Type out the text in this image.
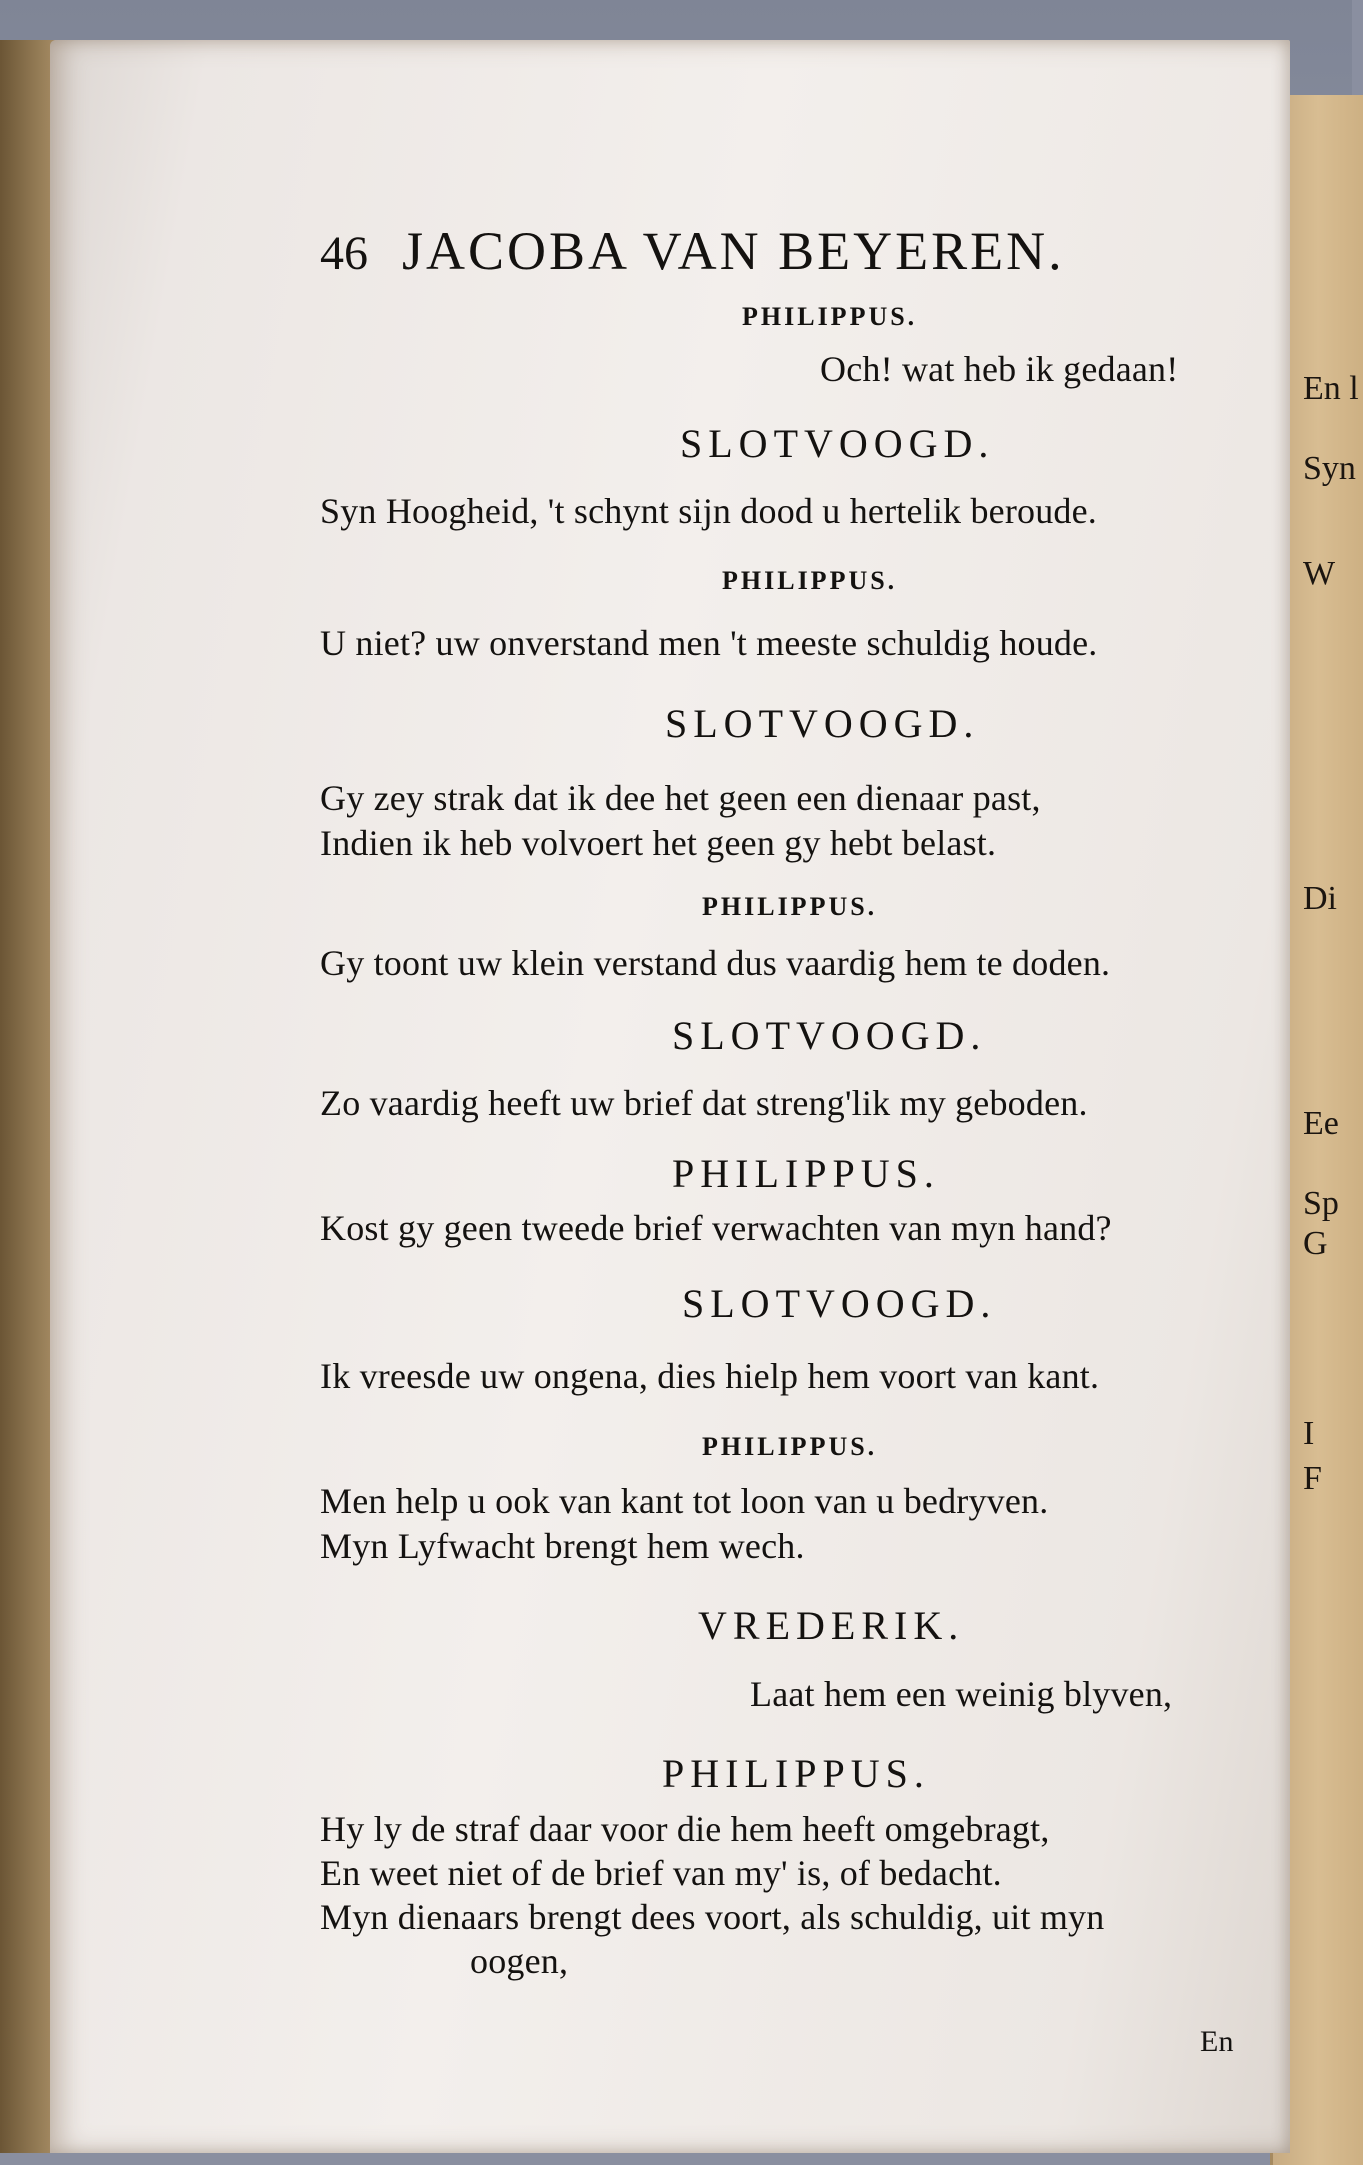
En l
Syn
W
Di
Ee
Sp
G
I
F
46 JACOBA VAN BEYEREN.
PHILIPPUS.
Och! wat heb ik gedaan!
SLOTVOOGD.
Syn Hoogheid, 't schynt sijn dood u hertelik beroude.
PHILIPPUS.
U niet? uw onverstand men 't meeste schuldig houde.
SLOTVOOGD.
Gy zey strak dat ik dee het geen een dienaar past,
Indien ik heb volvoert het geen gy hebt belast.
PHILIPPUS.
Gy toont uw klein verstand dus vaardig hem te doden.
SLOTVOOGD.
Zo vaardig heeft uw brief dat streng'lik my geboden.
PHILIPPUS.
Kost gy geen tweede brief verwachten van myn hand?
SLOTVOOGD.
Ik vreesde uw ongena, dies hielp hem voort van kant.
PHILIPPUS.
Men help u ook van kant tot loon van u bedryven.
Myn Lyfwacht brengt hem wech.
VREDERIK.
Laat hem een weinig blyven,
PHILIPPUS.
Hy ly de straf daar voor die hem heeft omgebragt,
En weet niet of de brief van my' is, of bedacht.
Myn dienaars brengt dees voort, als schuldig, uit myn
oogen,
En
